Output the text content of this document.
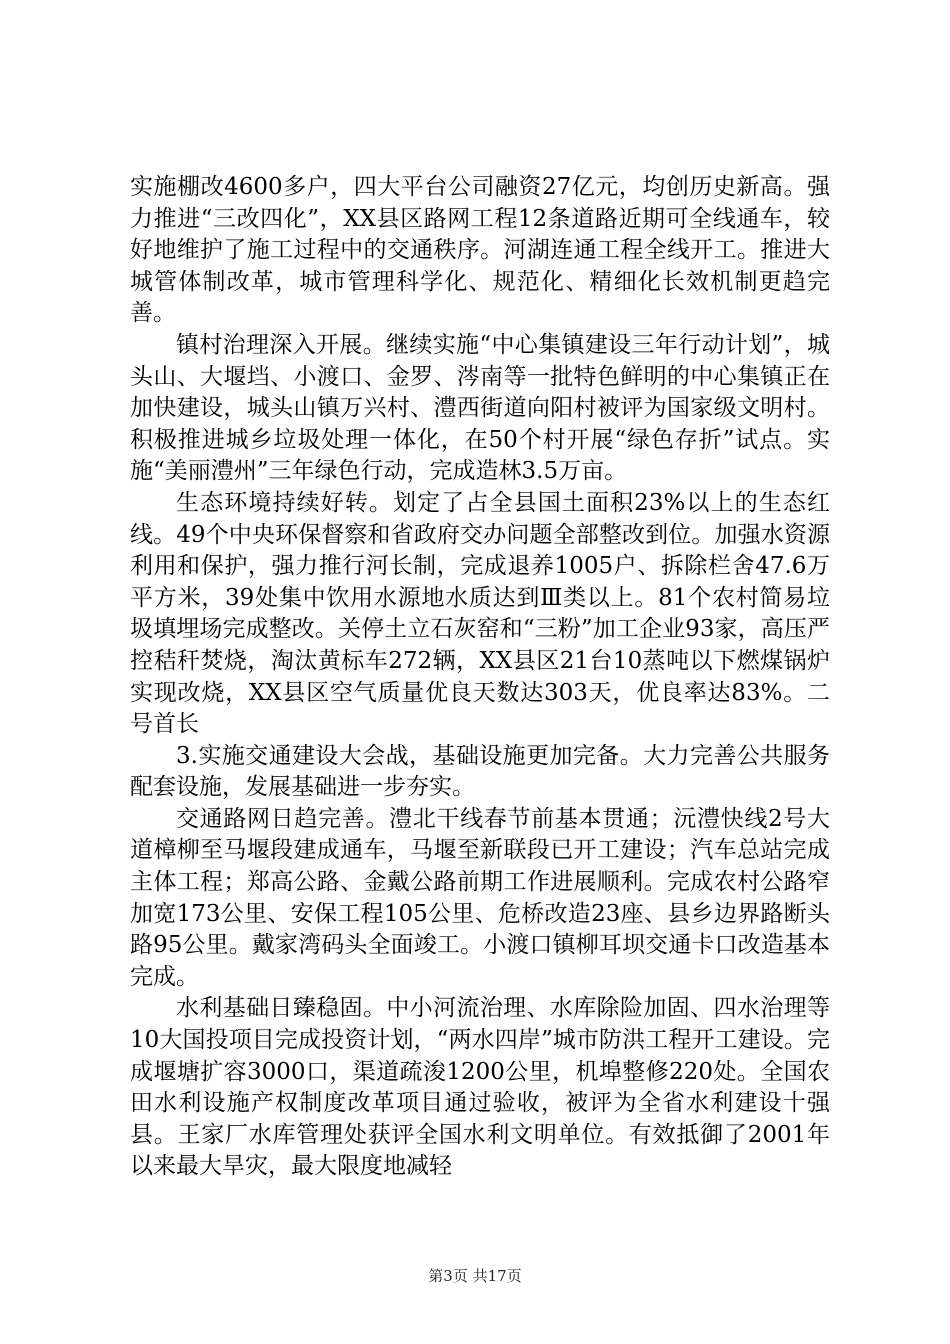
实施棚改4600多户，四大平台公司融资27亿元，均创历史新高。强力推进“三改四化”，XX县区路网工程12条道路近期可全线通车，较好地维护了施工过程中的交通秩序。河湖连通工程全线开工。推进大城管体制改革，城市管理科学化、规范化、精细化长效机制更趋完善。

镇村治理深入开展。继续实施“中心集镇建设三年行动计划”，城头山、大堰垱、小渡口、金罗、涔南等一批特色鲜明的中心集镇正在加快建设，城头山镇万兴村、澧西街道向阳村被评为国家级文明村。积极推进城乡垃圾处理一体化，在50个村开展“绿色存折”试点。实施“美丽澧州”三年绿色行动，完成造林3.5万亩。

生态环境持续好转。划定了占全县国土面积23%以上的生态红线。49个中央环保督察和省政府交办问题全部整改到位。加强水资源利用和保护，强力推行河长制，完成退养1005户、拆除栏舍47.6万平方米，39处集中饮用水源地水质达到Ⅲ类以上。81个农村简易垃圾填埋场完成整改。关停土立石灰窑和“三粉”加工企业93家，高压严控秸秆焚烧，淘汰黄标车272辆，XX县区21台10蒸吨以下燃煤锅炉实现改烧，XX县区空气质量优良天数达303天，优良率达83%。二号首长

3.实施交通建设大会战，基础设施更加完备。大力完善公共服务配套设施，发展基础进一步夯实。

交通路网日趋完善。澧北干线春节前基本贯通；沅澧快线2号大道樟柳至马堰段建成通车，马堰至新联段已开工建设；汽车总站完成主体工程；郑高公路、金戴公路前期工作进展顺利。完成农村公路窄加宽173公里、安保工程105公里、危桥改造23座、县乡边界路断头路95公里。戴家湾码头全面竣工。小渡口镇柳耳坝交通卡口改造基本完成。

水利基础日臻稳固。中小河流治理、水库除险加固、四水治理等10大国投项目完成投资计划，“两水四岸”城市防洪工程开工建设。完成堰塘扩容3000口，渠道疏浚1200公里，机埠整修220处。全国农田水利设施产权制度改革项目通过验收，被评为全省水利建设十强县。王家厂水库管理处获评全国水利文明单位。有效抵御了2001年以来最大旱灾，最大限度地减轻

第3页 共17页
